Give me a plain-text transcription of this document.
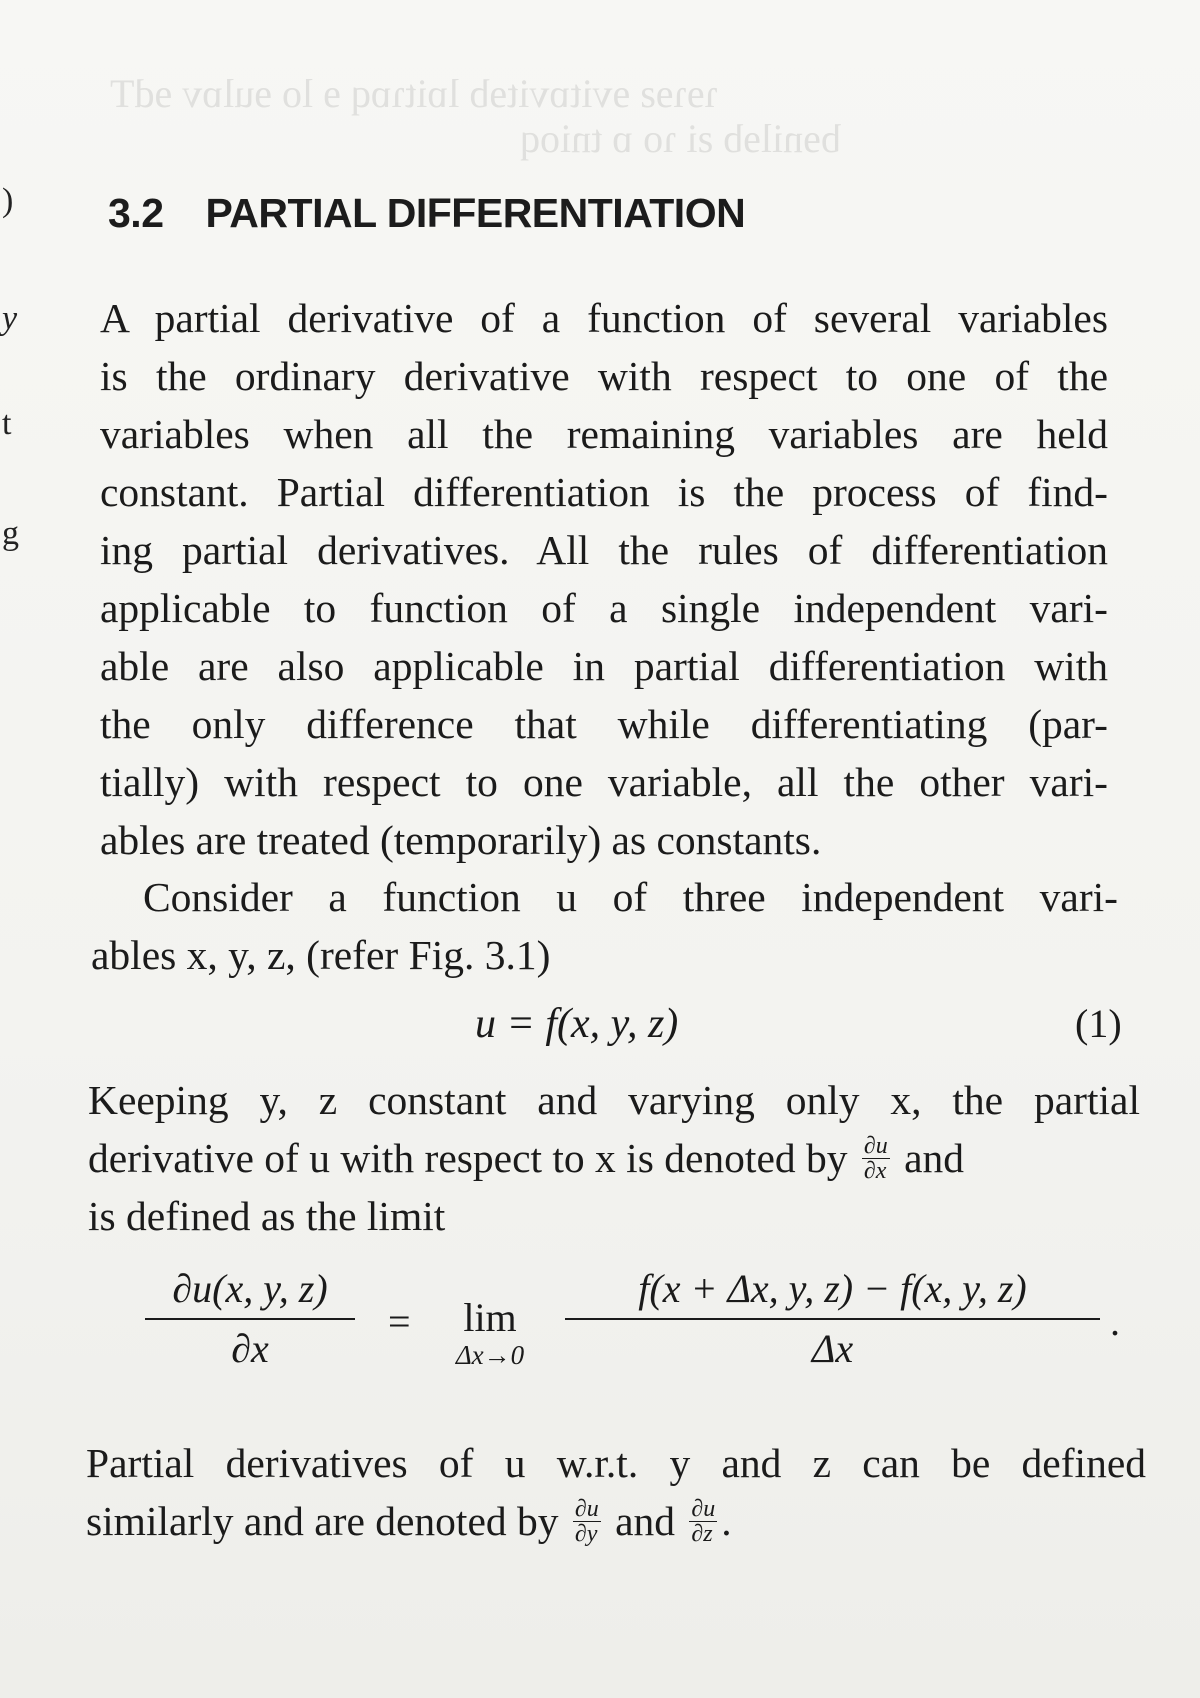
)
y
t
g
ɿɘɿɘƨ ɘvitɒvitɘb lɒitɿɒq ɘ lo ɘulɒv ɘdT
bɘnilɘb ƨi ɿo ɒ tnioq
3.2 PARTIAL DIFFERENTIATION
A partial derivative of a function of several variables
is the ordinary derivative with respect to one of the
variables when all the remaining variables are held
constant. Partial differentiation is the process of find-
ing partial derivatives. All the rules of differentiation
applicable to function of a single independent vari-
able are also applicable in partial differentiation with
the only difference that while differentiating (par-
tially) with respect to one variable, all the other vari-
ables are treated (temporarily) as constants.
Consider a function u of three independent vari-
ables x, y, z, (refer Fig. 3.1)
u = f(x, y, z)	(1)
Keeping y, z constant and varying only x, the partial
derivative of u with respect to x is denoted by $\frac{\partial u}{\partial x}$ and
is defined as the limit
∂u(x, y, z)
∂x
=	lim
Δx→0
f(x + Δx, y, z) − f(x, y, z)
Δx
.
Partial derivatives of u w.r.t. y and z can be defined
similarly and are denoted by $\frac{\partial u}{\partial y}$ and $\frac{\partial u}{\partial z}$ .
